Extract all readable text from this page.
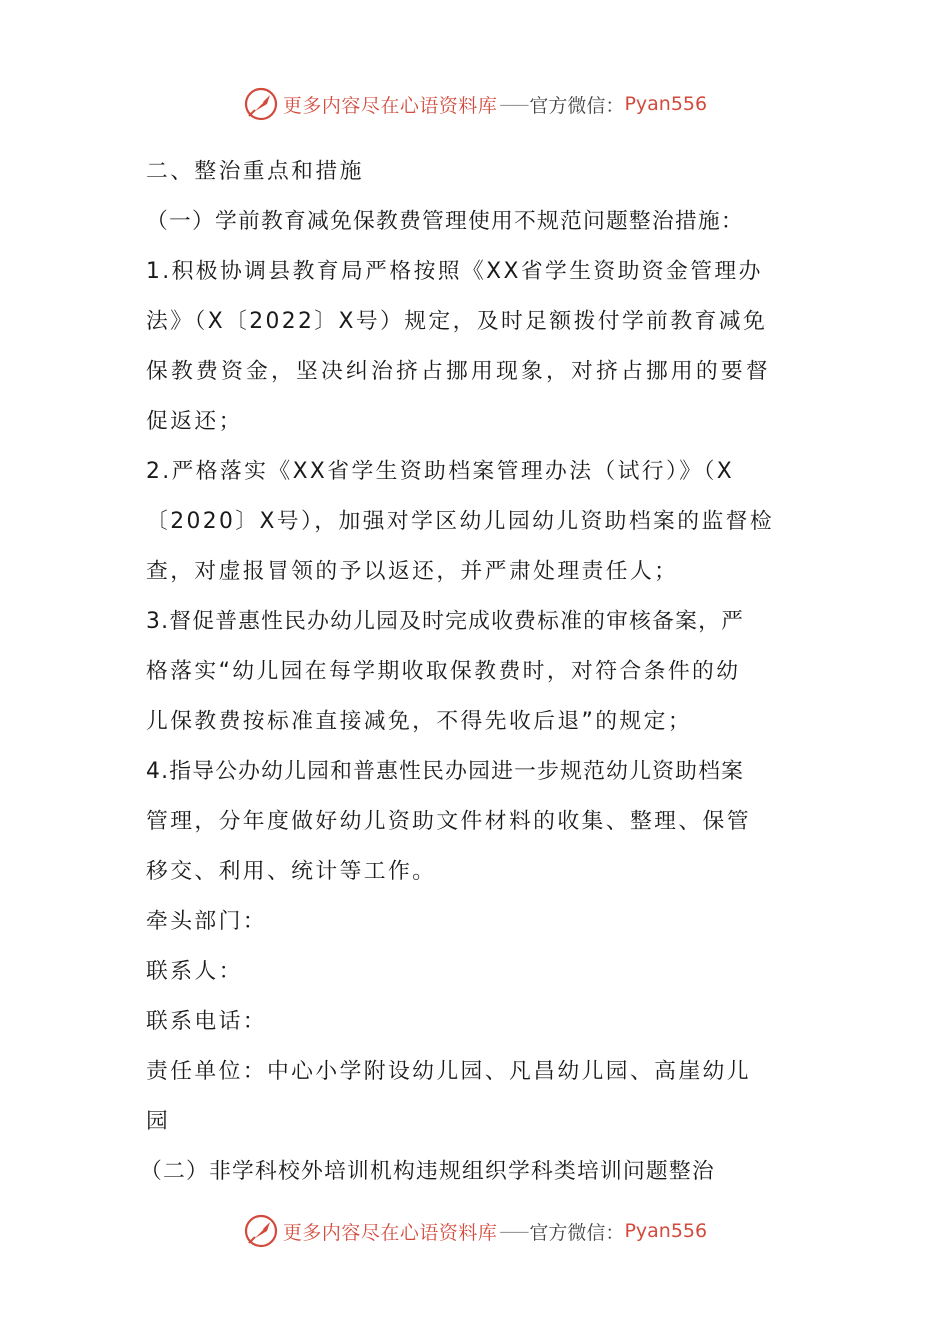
更多内容尽在心语资料库 —— 官方微信： Pyan556
二、整治重点和措施
（一）学前教育减免保教费管理使用不规范问题整治措施：
1.积极协调县教育局严格按照《XX省学生资助资金管理办
法》（X〔2022〕X号）规定，及时足额拨付学前教育减免
保教费资金，坚决纠治挤占挪用现象，对挤占挪用的要督
促返还；
2.严格落实《XX省学生资助档案管理办法（试行）》（X
〔2020〕X号），加强对学区幼儿园幼儿资助档案的监督检
查，对虚报冒领的予以返还，并严肃处理责任人；
3.督促普惠性民办幼儿园及时完成收费标准的审核备案，严
格落实“幼儿园在每学期收取保教费时，对符合条件的幼
儿保教费按标准直接减免，不得先收后退”的规定；
4.指导公办幼儿园和普惠性民办园进一步规范幼儿资助档案
管理，分年度做好幼儿资助文件材料的收集、整理、保管
移交、利用、统计等工作。
牵头部门：
联系人：
联系电话：
责任单位：中心小学附设幼儿园、凡昌幼儿园、高崖幼儿
园
（二）非学科校外培训机构违规组织学科类培训问题整治
更多内容尽在心语资料库 —— 官方微信： Pyan556
